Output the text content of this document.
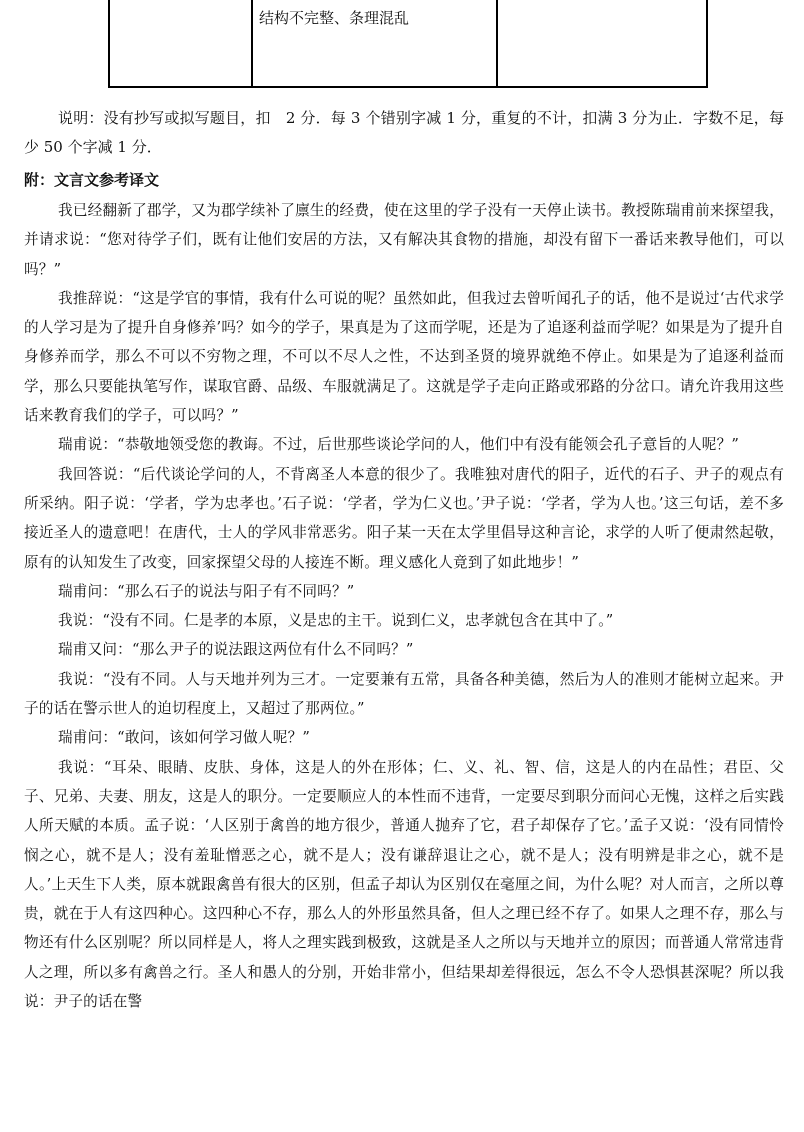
结构不完整、条理混乱

说明：没有抄写或拟写题目，扣　2 分．每 3 个错别字减 1 分，重复的不计，扣满 3 分为止．字数不足，每少 50 个字减 1 分．

附：文言文参考译文

我已经翻新了郡学，又为郡学续补了廪生的经费，使在这里的学子没有一天停止读书。教授陈瑞甫前来探望我，并请求说：“您对待学子们，既有让他们安居的方法，又有解决其食物的措施，却没有留下一番话来教导他们，可以吗？”

我推辞说：“这是学官的事情，我有什么可说的呢？虽然如此，但我过去曾听闻孔子的话，他不是说过‘古代求学的人学习是为了提升自身修养’吗？如今的学子，果真是为了这而学呢，还是为了追逐利益而学呢？如果是为了提升自身修养而学，那么不可以不穷物之理，不可以不尽人之性，不达到圣贤的境界就绝不停止。如果是为了追逐利益而学，那么只要能执笔写作，谋取官爵、品级、车服就满足了。这就是学子走向正路或邪路的分岔口。请允许我用这些话来教育我们的学子，可以吗？”

瑞甫说：“恭敬地领受您的教诲。不过，后世那些谈论学问的人，他们中有没有能领会孔子意旨的人呢？”

我回答说：“后代谈论学问的人，不背离圣人本意的很少了。我唯独对唐代的阳子，近代的石子、尹子的观点有所采纳。阳子说：‘学者，学为忠孝也。’石子说：‘学者，学为仁义也。’尹子说：‘学者，学为人也。’这三句话，差不多接近圣人的遗意吧！在唐代，士人的学风非常恶劣。阳子某一天在太学里倡导这种言论，求学的人听了便肃然起敬，原有的认知发生了改变，回家探望父母的人接连不断。理义感化人竟到了如此地步！”

瑞甫问：“那么石子的说法与阳子有不同吗？”

我说：“没有不同。仁是孝的本原，义是忠的主干。说到仁义，忠孝就包含在其中了。”

瑞甫又问：“那么尹子的说法跟这两位有什么不同吗？”

我说：“没有不同。人与天地并列为三才。一定要兼有五常，具备各种美德，然后为人的准则才能树立起来。尹子的话在警示世人的迫切程度上，又超过了那两位。”

瑞甫问：“敢问，该如何学习做人呢？”

我说：“耳朵、眼睛、皮肤、身体，这是人的外在形体；仁、义、礼、智、信，这是人的内在品性；君臣、父子、兄弟、夫妻、朋友，这是人的职分。一定要顺应人的本性而不违背，一定要尽到职分而问心无愧，这样之后实践人所天赋的本质。孟子说：‘人区别于禽兽的地方很少，普通人抛弃了它，君子却保存了它。’孟子又说：‘没有同情怜悯之心，就不是人；没有羞耻憎恶之心，就不是人；没有谦辞退让之心，就不是人；没有明辨是非之心，就不是人。’上天生下人类，原本就跟禽兽有很大的区别，但孟子却认为区别仅在毫厘之间，为什么呢？对人而言，之所以尊贵，就在于人有这四种心。这四种心不存，那么人的外形虽然具备，但人之理已经不存了。如果人之理不存，那么与物还有什么区别呢？所以同样是人，将人之理实践到极致，这就是圣人之所以与天地并立的原因；而普通人常常违背人之理，所以多有禽兽之行。圣人和愚人的分别，开始非常小，但结果却差得很远，怎么不令人恐惧甚深呢？所以我说：尹子的话在警
